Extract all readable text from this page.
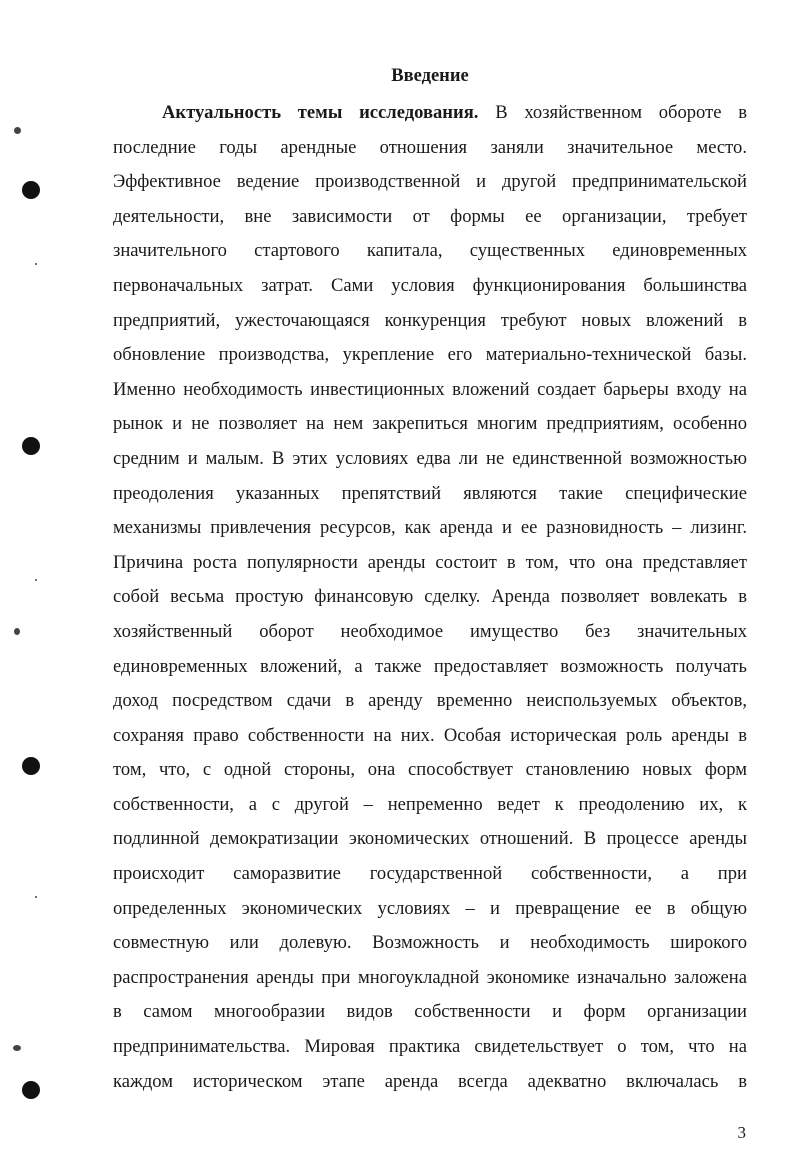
Введение
Актуальность темы исследования. В хозяйственном обороте в
последние годы арендные отношения заняли значительное место.
Эффективное ведение производственной и другой предпринимательской
деятельности, вне зависимости от формы ее организации, требует
значительного стартового капитала, существенных единовременных
первоначальных затрат. Сами условия функционирования большинства
предприятий, ужесточающаяся конкуренция требуют новых вложений в
обновление производства, укрепление его материально-технической базы.
Именно необходимость инвестиционных вложений создает барьеры входу на
рынок и не позволяет на нем закрепиться многим предприятиям, особенно
средним и малым. В этих условиях едва ли не единственной возможностью
преодоления указанных препятствий являются такие специфические
механизмы привлечения ресурсов, как аренда и ее разновидность – лизинг.
Причина роста популярности аренды состоит в том, что она представляет
собой весьма простую финансовую сделку. Аренда позволяет вовлекать в
хозяйственный оборот необходимое имущество без значительных
единовременных вложений, а также предоставляет возможность получать
доход посредством сдачи в аренду временно неиспользуемых объектов,
сохраняя право собственности на них. Особая историческая роль аренды в
том, что, с одной стороны, она способствует становлению новых форм
собственности, а с другой – непременно ведет к преодолению их, к
подлинной демократизации экономических отношений. В процессе аренды
происходит саморазвитие государственной собственности, а при
определенных экономических условиях – и превращение ее в общую
совместную или долевую. Возможность и необходимость широкого
распространения аренды при многоукладной экономике изначально заложена
в самом многообразии видов собственности и форм организации
предпринимательства. Мировая практика свидетельствует о том, что на
каждом историческом этапе аренда всегда адекватно включалась в
3
